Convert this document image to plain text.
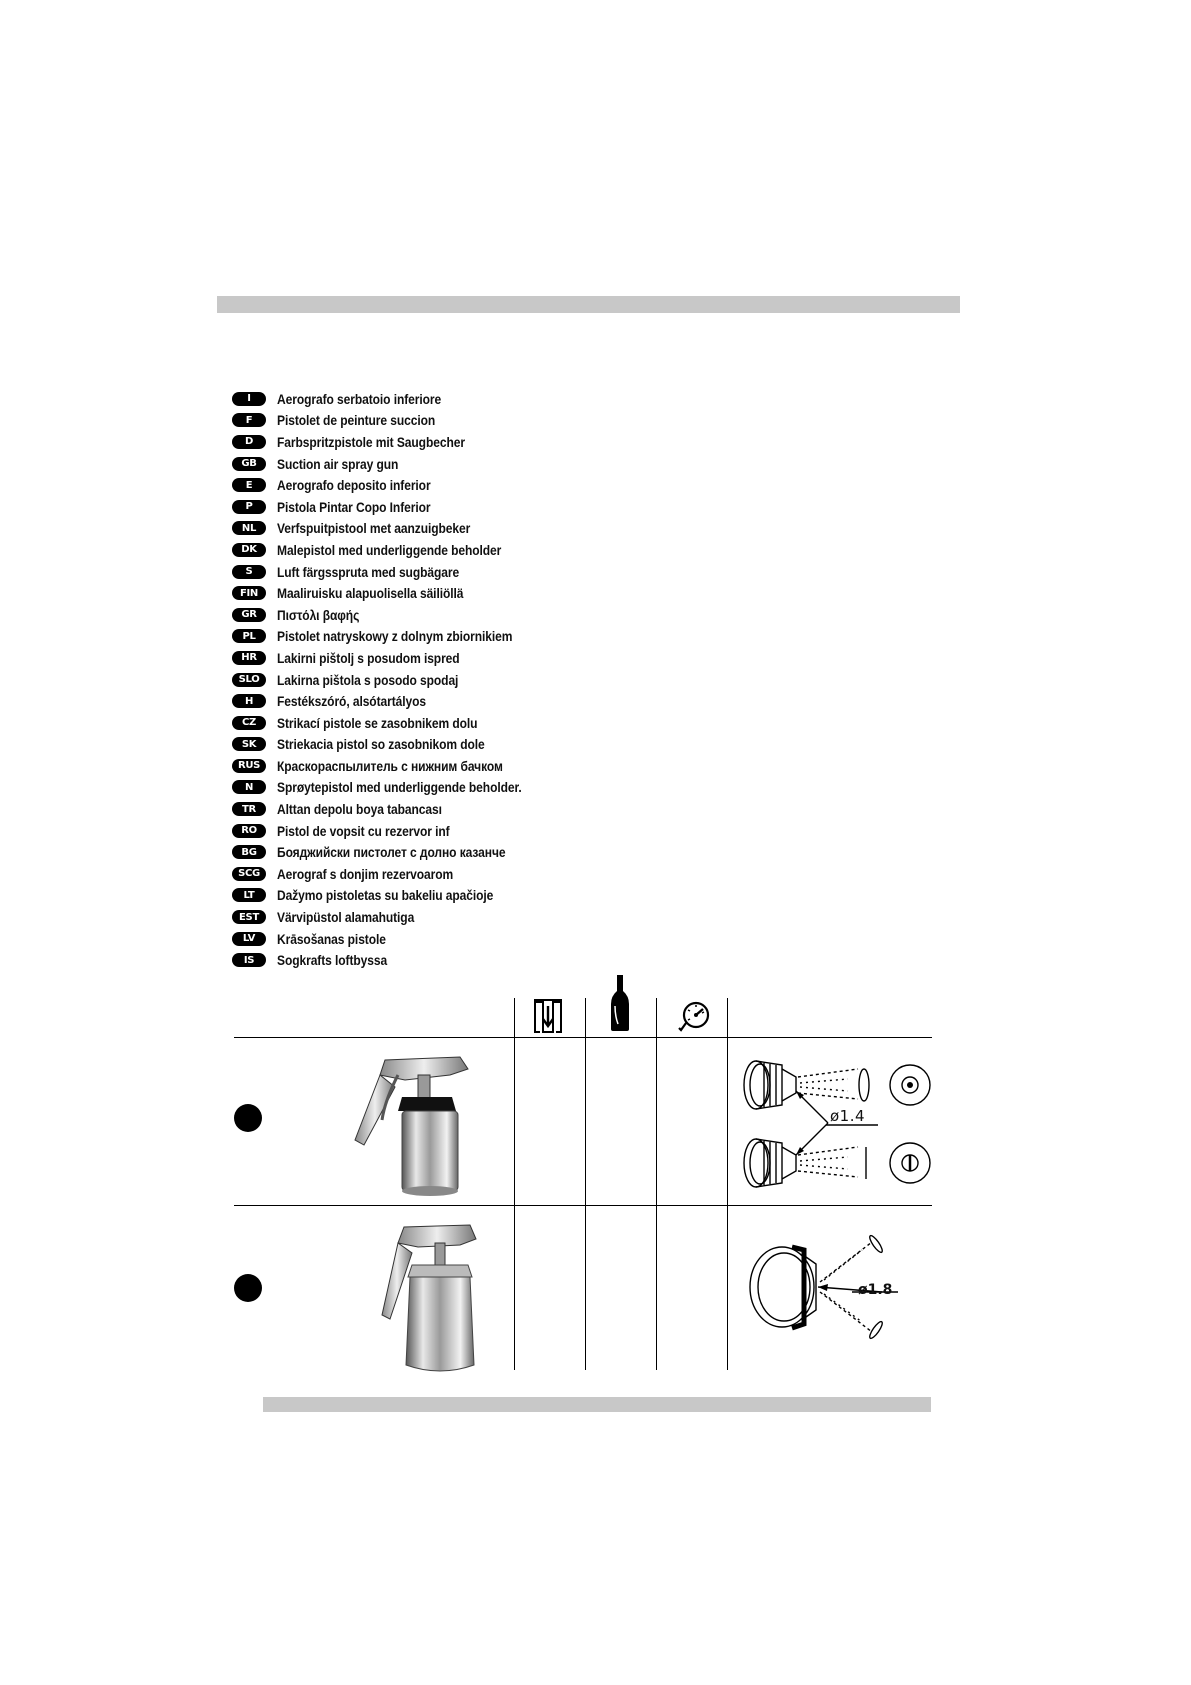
I	Aerografo serbatoio inferiore
F	Pistolet de peinture succion
D	Farbspritzpistole mit Saugbecher
GB	Suction air spray gun
E	Aerografo deposito inferior
P	Pistola Pintar Copo Inferior
NL	Verfspuitpistool met aanzuigbeker
DK	Malepistol med underliggende beholder
S	Luft färgsspruta med sugbägare
FIN	Maaliruisku alapuolisella säiliöllä
GR	Πιστόλι βαφής
PL	Pistolet natryskowy z dolnym zbiornikiem
HR	Lakirni pištolj s posudom ispred
SLO	Lakirna pištola s posodo spodaj
H	Festékszóró, alsótartályos
CZ	Strikací pistole se zasobnikem dolu
SK	Striekacia pistol so zasobnikom dole
RUS	Краскораспылитель с нижним бачком
N	Sprøytepistol med underliggende beholder.
TR	Alttan depolu boya tabancası
RO	Pistol de vopsit cu rezervor inf
BG	Бояджийски пистолет с долно казанче
SCG	Aerograf s donjim rezervoarom
LT	Dažymo pistoletas su bakeliu apačioje
EST	Värvipüstol alamahutiga
LV	Krāsošanas pistole
IS	Sogkrafts loftbyssa
ø1.4
ø1.8
